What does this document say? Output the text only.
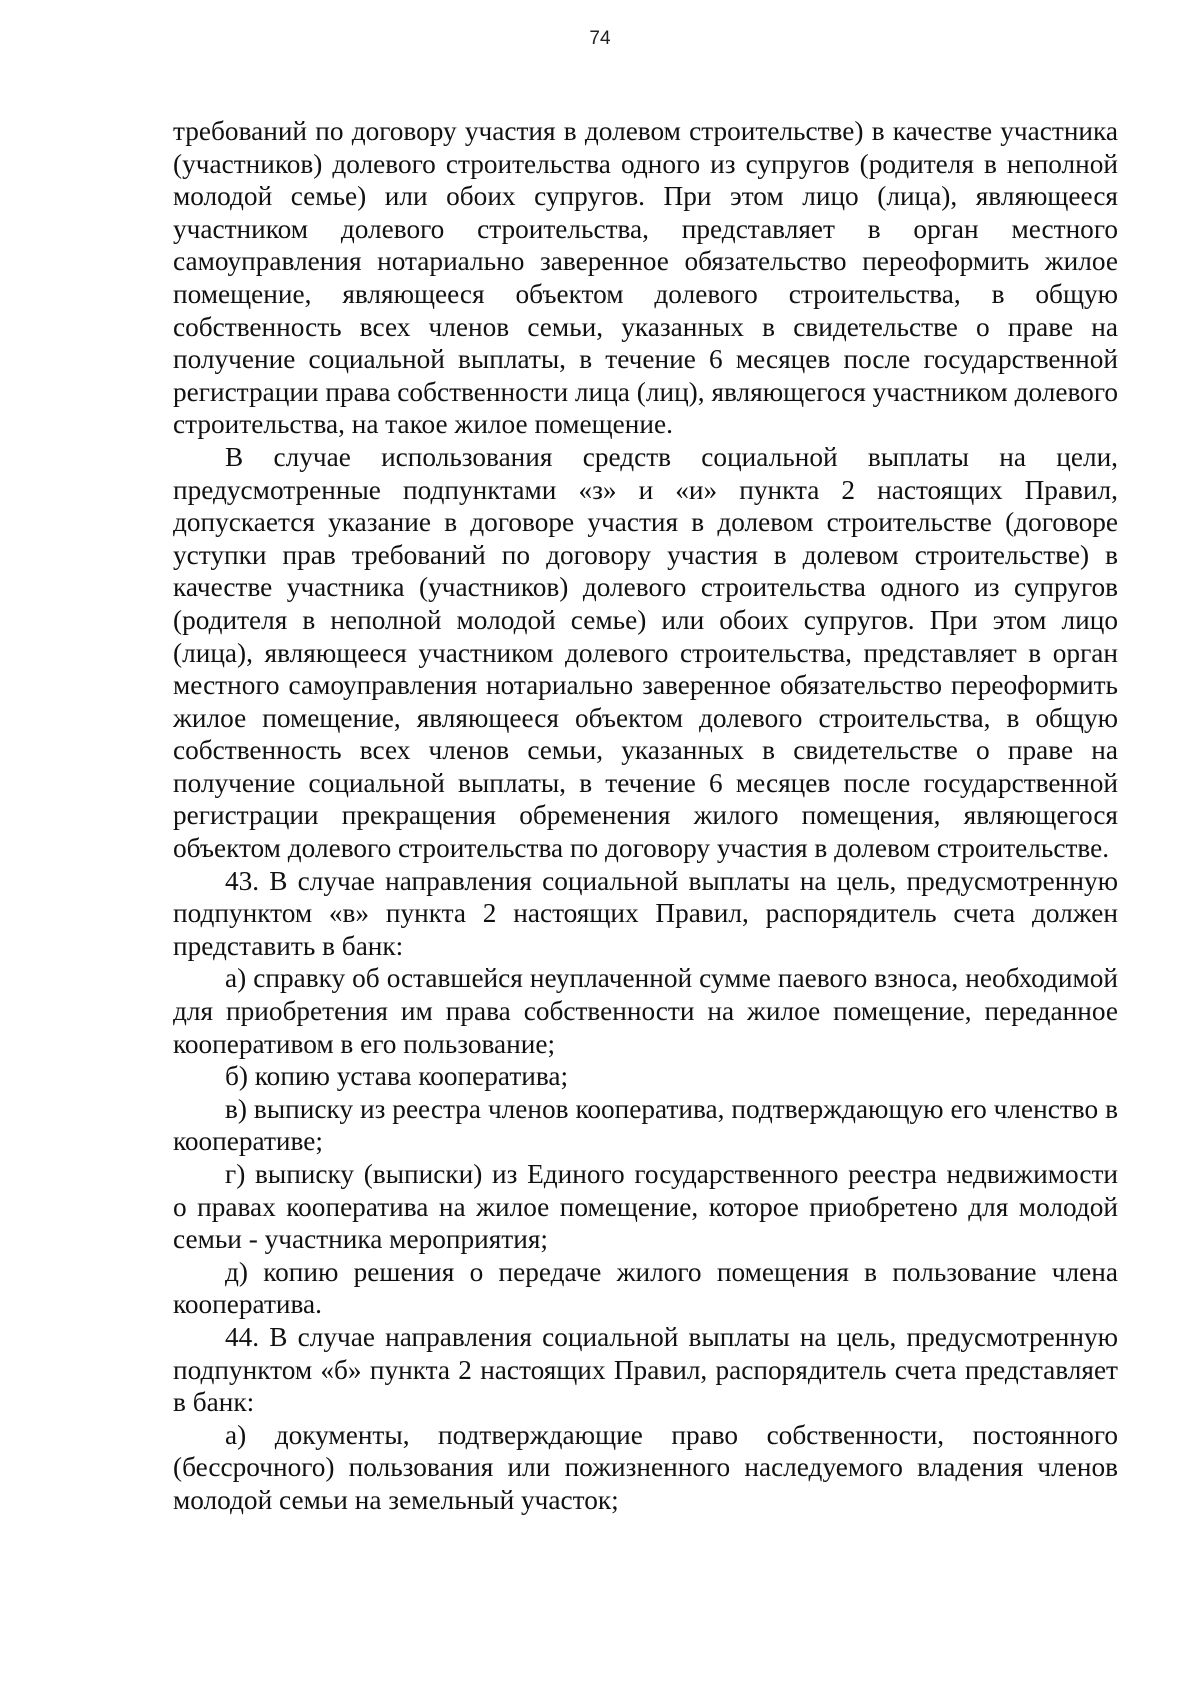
74

требований по договору участия в долевом строительстве) в качестве участника (участников) долевого строительства одного из супругов (родителя в неполной молодой семье) или обоих супругов. При этом лицо (лица), являющееся участником долевого строительства, представляет в орган местного самоуправления нотариально заверенное обязательство переоформить жилое помещение, являющееся объектом долевого строительства, в общую собственность всех членов семьи, указанных в свидетельстве о праве на получение социальной выплаты, в течение 6 месяцев после государственной регистрации права собственности лица (лиц), являющегося участником долевого строительства, на такое жилое помещение.

В случае использования средств социальной выплаты на цели, предусмотренные подпунктами «з» и «и» пункта 2 настоящих Правил, допускается указание в договоре участия в долевом строительстве (договоре уступки прав требований по договору участия в долевом строительстве) в качестве участника (участников) долевого строительства одного из супругов (родителя в неполной молодой семье) или обоих супругов. При этом лицо (лица), являющееся участником долевого строительства, представляет в орган местного самоуправления нотариально заверенное обязательство переоформить жилое помещение, являющееся объектом долевого строительства, в общую собственность всех членов семьи, указанных в свидетельстве о праве на получение социальной выплаты, в течение 6 месяцев после государственной регистрации прекращения обременения жилого помещения, являющегося объектом долевого строительства по договору участия в долевом строительстве.

43. В случае направления социальной выплаты на цель, предусмотренную подпунктом «в» пункта 2 настоящих Правил, распорядитель счета должен представить в банк:

а) справку об оставшейся неуплаченной сумме паевого взноса, необходимой для приобретения им права собственности на жилое помещение, переданное кооперативом в его пользование;

б) копию устава кооператива;

в) выписку из реестра членов кооператива, подтверждающую его членство в кооперативе;

г) выписку (выписки) из Единого государственного реестра недвижимости о правах кооператива на жилое помещение, которое приобретено для молодой семьи - участника мероприятия;

д) копию решения о передаче жилого помещения в пользование члена кооператива.

44. В случае направления социальной выплаты на цель, предусмотренную подпунктом «б» пункта 2 настоящих Правил, распорядитель счета представляет в банк:

а) документы, подтверждающие право собственности, постоянного (бессрочного) пользования или пожизненного наследуемого владения членов молодой семьи на земельный участок;
